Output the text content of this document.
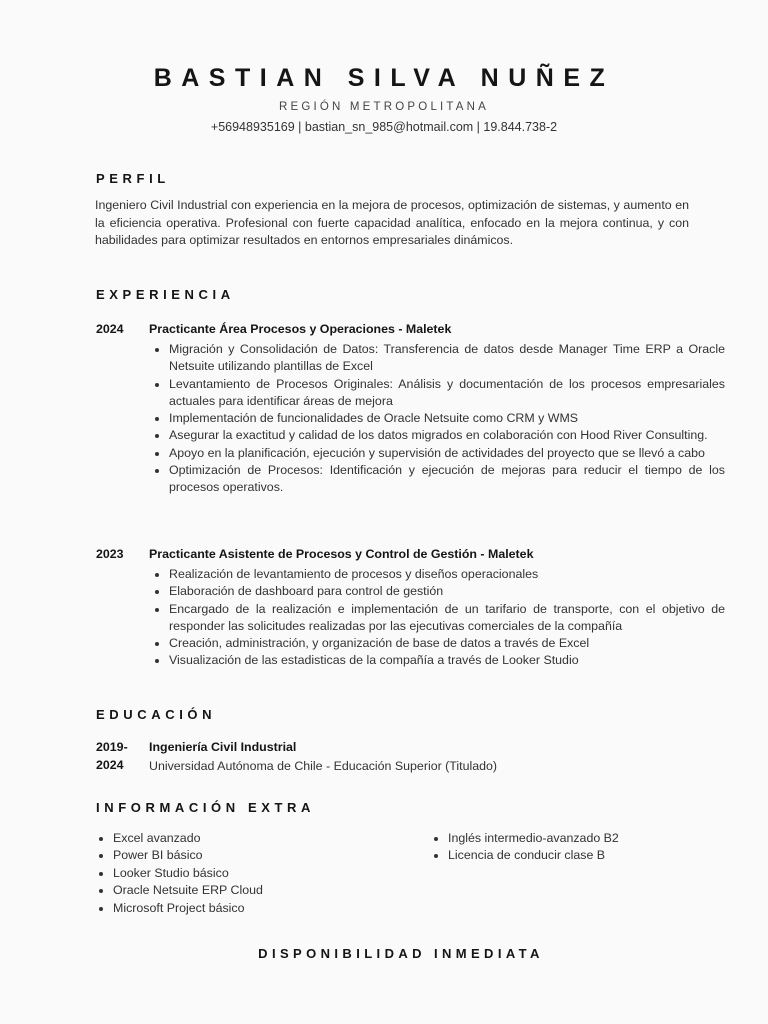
BASTIAN SILVA NUÑEZ
REGIÓN METROPOLITANA
+56948935169 | bastian_sn_985@hotmail.com | 19.844.738-2
PERFIL

Ingeniero Civil Industrial con experiencia en la mejora de procesos, optimización de sistemas, y aumento en la eficiencia operativa. Profesional con fuerte capacidad analítica, enfocado en la mejora continua, y con habilidades para optimizar resultados en entornos empresariales dinámicos.

EXPERIENCIA
2024 Practicante Área Procesos y Operaciones - Maletek
• Migración y Consolidación de Datos: Transferencia de datos desde Manager Time ERP a Oracle Netsuite utilizando plantillas de Excel
• Levantamiento de Procesos Originales: Análisis y documentación de los procesos empresariales actuales para identificar áreas de mejora
• Implementación de funcionalidades de Oracle Netsuite como CRM y WMS
• Asegurar la exactitud y calidad de los datos migrados en colaboración con Hood River Consulting.
• Apoyo en la planificación, ejecución y supervisión de actividades del proyecto que se llevó a cabo
• Optimización de Procesos: Identificación y ejecución de mejoras para reducir el tiempo de los procesos operativos.
2023 Practicante Asistente de Procesos y Control de Gestión - Maletek
• Realización de levantamiento de procesos y diseños operacionales
• Elaboración de dashboard para control de gestión
• Encargado de la realización e implementación de un tarifario de transporte, con el objetivo de responder las solicitudes realizadas por las ejecutivas comerciales de la compañía
• Creación, administración, y organización de base de datos a través de Excel
• Visualización de las estadisticas de la compañía a través de Looker Studio
EDUCACIÓN
2019-2024
Ingeniería Civil Industrial
Universidad Autónoma de Chile - Educación Superior (Titulado)
INFORMACIÓN EXTRA
• Excel avanzado
• Power BI básico
• Looker Studio básico
• Oracle Netsuite ERP Cloud
• Microsoft Project básico
• Inglés intermedio-avanzado B2
• Licencia de conducir clase B
DISPONIBILIDAD INMEDIATA
